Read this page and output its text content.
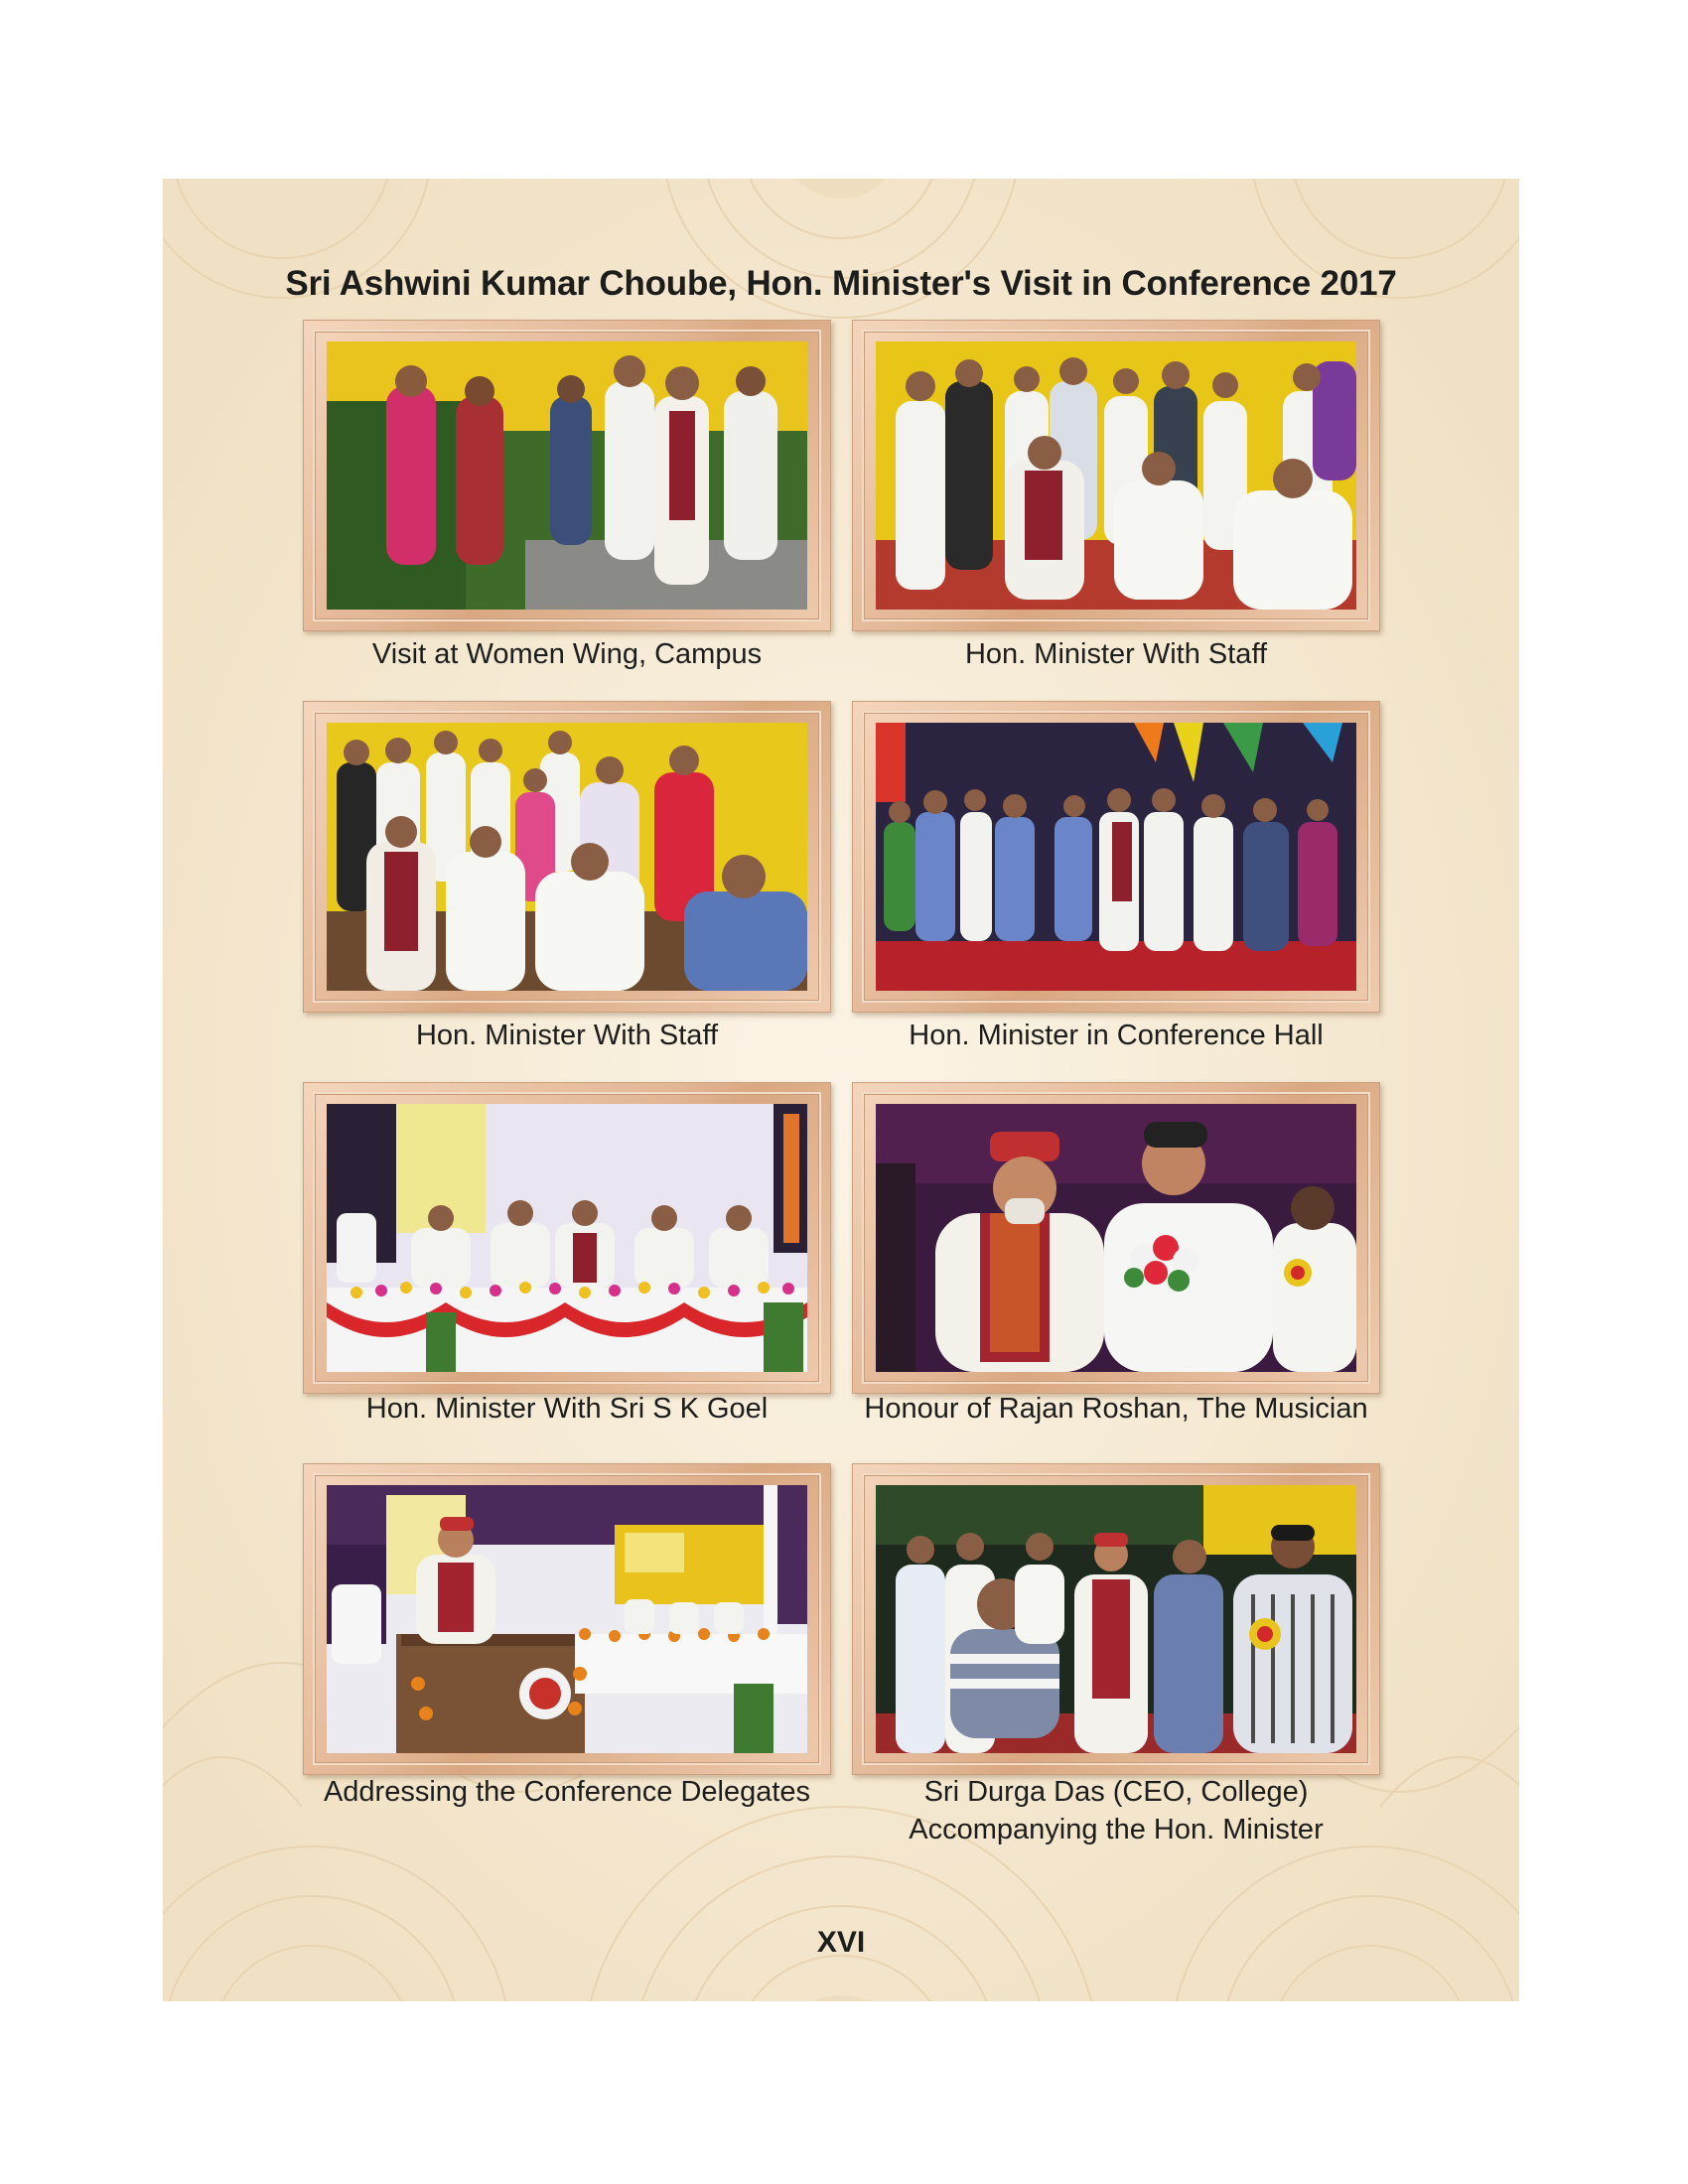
Sri Ashwini Kumar Choube, Hon. Minister's Visit in Conference 2017
Visit at Women Wing, Campus	Hon. Minister With Staff
Hon. Minister With Staff	Hon. Minister in Conference Hall
Hon. Minister With Sri S K Goel	Honour of Rajan Roshan, The Musician
Addressing the Conference Delegates	Sri Durga Das (CEO, College)
Accompanying the Hon. Minister
XVI
